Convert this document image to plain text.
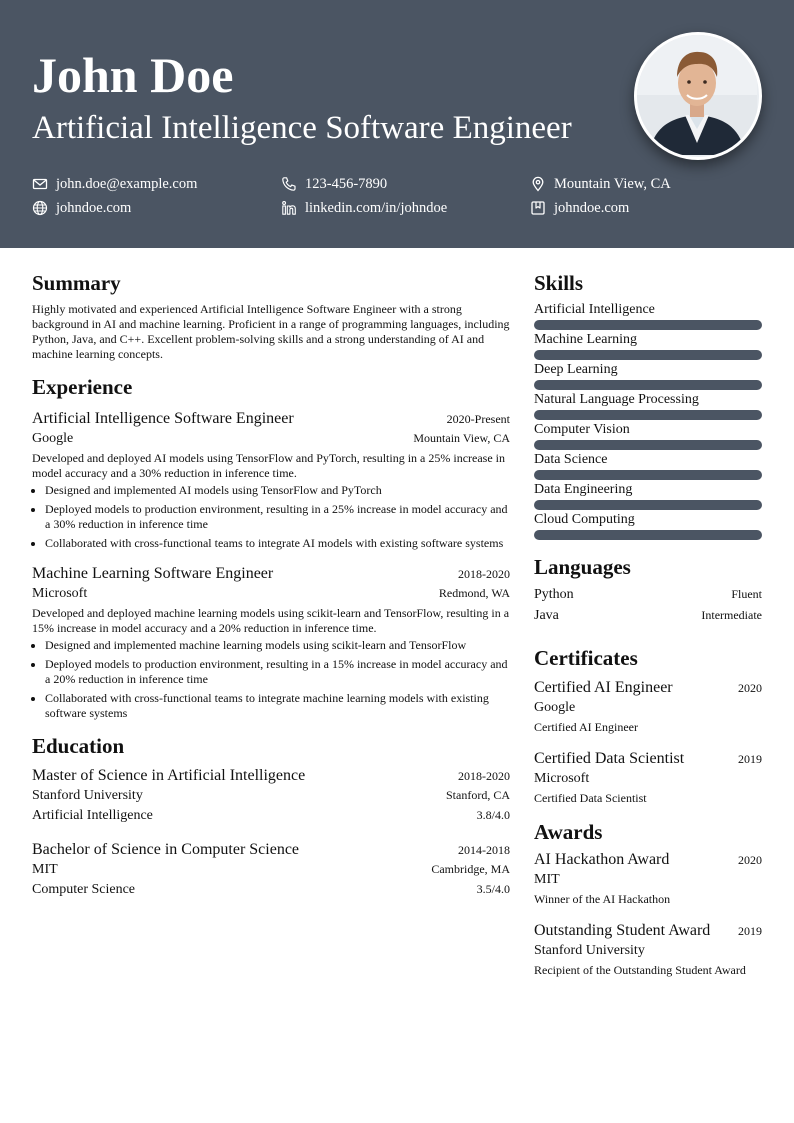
John Doe
Artificial Intelligence Software Engineer
john.doe@example.com	123-456-7890	Mountain View, CA
johndoe.com	linkedin.com/in/johndoe	johndoe.com
Summary
Highly motivated and experienced Artificial Intelligence Software Engineer with a strong background in AI and machine learning. Proficient in a range of programming languages, including Python, Java, and C++. Excellent problem-solving skills and a strong understanding of AI and machine learning concepts.
Experience
Artificial Intelligence Software Engineer	2020-Present
Google	Mountain View, CA
Developed and deployed AI models using TensorFlow and PyTorch, resulting in a 25% increase in model accuracy and a 30% reduction in inference time.
• Designed and implemented AI models using TensorFlow and PyTorch
• Deployed models to production environment, resulting in a 25% increase in model accuracy and a 30% reduction in inference time
• Collaborated with cross-functional teams to integrate AI models with existing software systems
Machine Learning Software Engineer	2018-2020
Microsoft	Redmond, WA
Developed and deployed machine learning models using scikit-learn and TensorFlow, resulting in a 15% increase in model accuracy and a 20% reduction in inference time.
• Designed and implemented machine learning models using scikit-learn and TensorFlow
• Deployed models to production environment, resulting in a 15% increase in model accuracy and a 20% reduction in inference time
• Collaborated with cross-functional teams to integrate machine learning models with existing software systems
Education
Master of Science in Artificial Intelligence	2018-2020
Stanford University	Stanford, CA
Artificial Intelligence	3.8/4.0
Bachelor of Science in Computer Science	2014-2018
MIT	Cambridge, MA
Computer Science	3.5/4.0
Skills
Artificial Intelligence
Machine Learning
Deep Learning
Natural Language Processing
Computer Vision
Data Science
Data Engineering
Cloud Computing
Languages
Python	Fluent
Java	Intermediate
Certificates
Certified AI Engineer	2020
Google
Certified AI Engineer
Certified Data Scientist	2019
Microsoft
Certified Data Scientist
Awards
AI Hackathon Award	2020
MIT
Winner of the AI Hackathon
Outstanding Student Award 2019
Stanford University
Recipient of the Outstanding Student Award
